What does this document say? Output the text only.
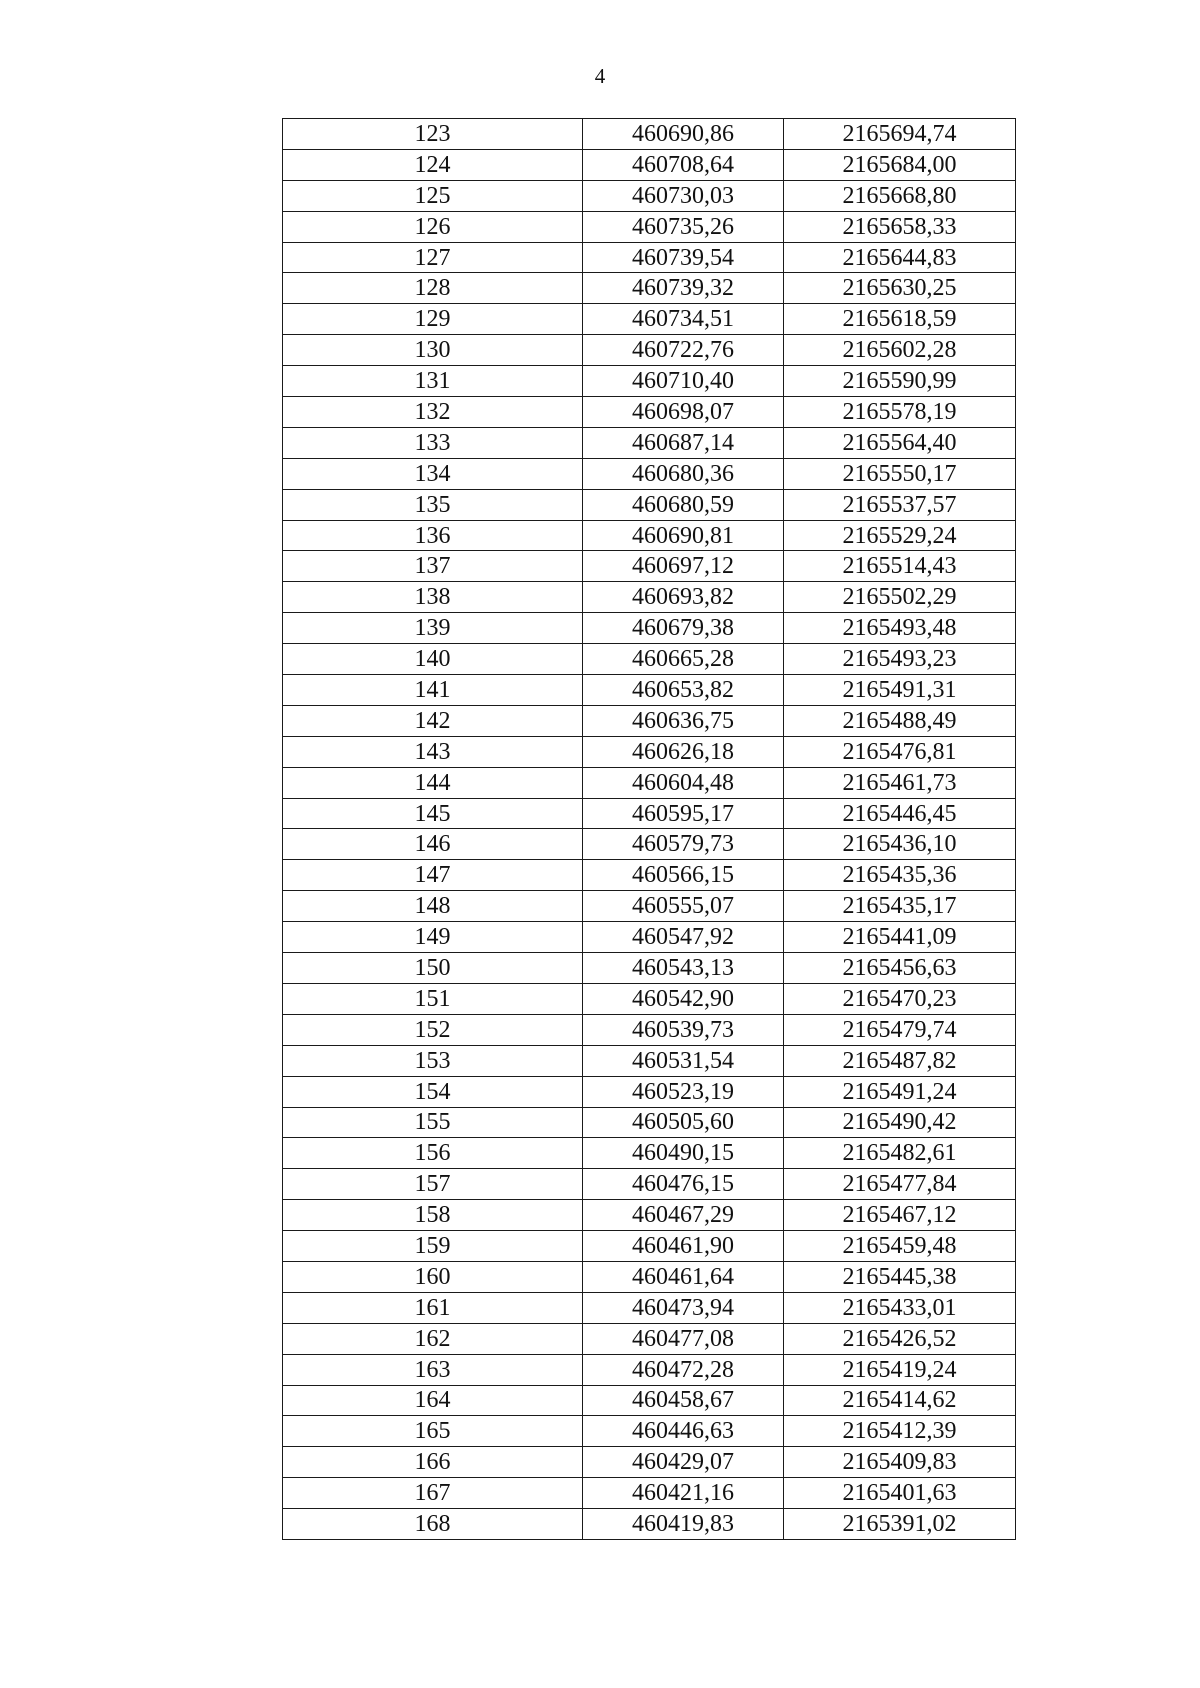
4
123	460690,86	2165694,74
124	460708,64	2165684,00
125	460730,03	2165668,80
126	460735,26	2165658,33
127	460739,54	2165644,83
128	460739,32	2165630,25
129	460734,51	2165618,59
130	460722,76	2165602,28
131	460710,40	2165590,99
132	460698,07	2165578,19
133	460687,14	2165564,40
134	460680,36	2165550,17
135	460680,59	2165537,57
136	460690,81	2165529,24
137	460697,12	2165514,43
138	460693,82	2165502,29
139	460679,38	2165493,48
140	460665,28	2165493,23
141	460653,82	2165491,31
142	460636,75	2165488,49
143	460626,18	2165476,81
144	460604,48	2165461,73
145	460595,17	2165446,45
146	460579,73	2165436,10
147	460566,15	2165435,36
148	460555,07	2165435,17
149	460547,92	2165441,09
150	460543,13	2165456,63
151	460542,90	2165470,23
152	460539,73	2165479,74
153	460531,54	2165487,82
154	460523,19	2165491,24
155	460505,60	2165490,42
156	460490,15	2165482,61
157	460476,15	2165477,84
158	460467,29	2165467,12
159	460461,90	2165459,48
160	460461,64	2165445,38
161	460473,94	2165433,01
162	460477,08	2165426,52
163	460472,28	2165419,24
164	460458,67	2165414,62
165	460446,63	2165412,39
166	460429,07	2165409,83
167	460421,16	2165401,63
168	460419,83	2165391,02
